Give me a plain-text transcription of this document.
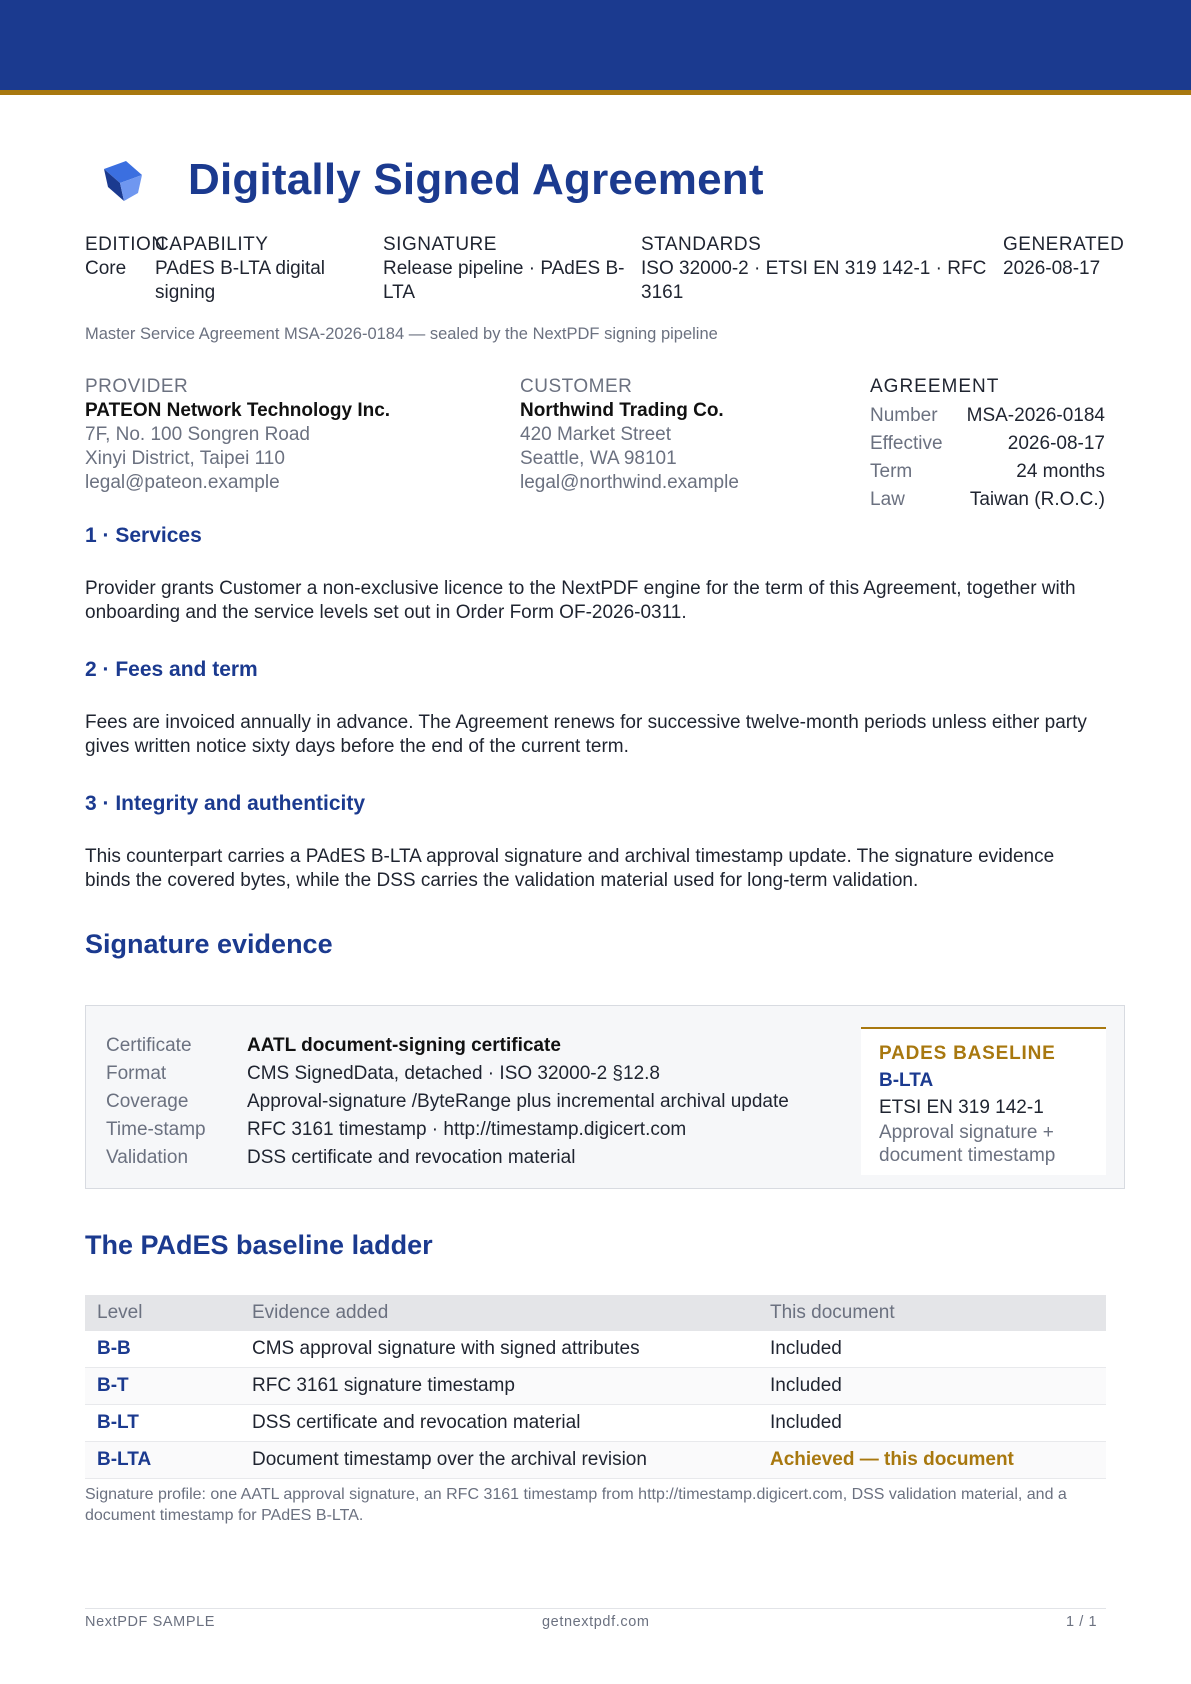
Digitally Signed Agreement
EDITION
Core
CAPABILITY
PAdES B-LTA digital signing
SIGNATURE
Release pipeline · PAdES B-LTA
STANDARDS
ISO 32000-2 · ETSI EN 319 142-1 · RFC 3161
GENERATED
2026-08-17
Master Service Agreement MSA-2026-0184 — sealed by the NextPDF signing pipeline
PROVIDER
PATEON Network Technology Inc.
7F, No. 100 Songren Road
Xinyi District, Taipei 110
legal@pateon.example
CUSTOMER
Northwind Trading Co.
420 Market Street
Seattle, WA 98101
legal@northwind.example
AGREEMENT
Number MSA-2026-0184
Effective	2026-08-17
Term	24 months
Law	Taiwan (R.O.C.)
1 · Services
Provider grants Customer a non-exclusive licence to the NextPDF engine for the term of this Agreement, together with onboarding and the service levels set out in Order Form OF-2026-0311.
2 · Fees and term
Fees are invoiced annually in advance. The Agreement renews for successive twelve-month periods unless either party gives written notice sixty days before the end of the current term.
3 · Integrity and authenticity
This counterpart carries a PAdES B-LTA approval signature and archival timestamp update. The signature evidence binds the covered bytes, while the DSS carries the validation material used for long-term validation.
Signature evidence
Certificate	AATL document-signing certificate
Format	CMS SignedData, detached · ISO 32000-2 §12.8
Coverage	Approval-signature /ByteRange plus incremental archival update
Time-stamp	RFC 3161 timestamp · http://timestamp.digicert.com
Validation	DSS certificate and revocation material
PADES BASELINE
B-LTA
ETSI EN 319 142-1
Approval signature + document timestamp
The PAdES baseline ladder
Level	Evidence added	This document
B-B	CMS approval signature with signed attributes	Included
B-T	RFC 3161 signature timestamp	Included
B-LT	DSS certificate and revocation material	Included
B-LTA	Document timestamp over the archival revision	Achieved — this document
Signature profile: one AATL approval signature, an RFC 3161 timestamp from http://timestamp.digicert.com, DSS validation material, and a document timestamp for PAdES B-LTA.
NextPDF SAMPLE	getnextpdf.com	1 / 1
